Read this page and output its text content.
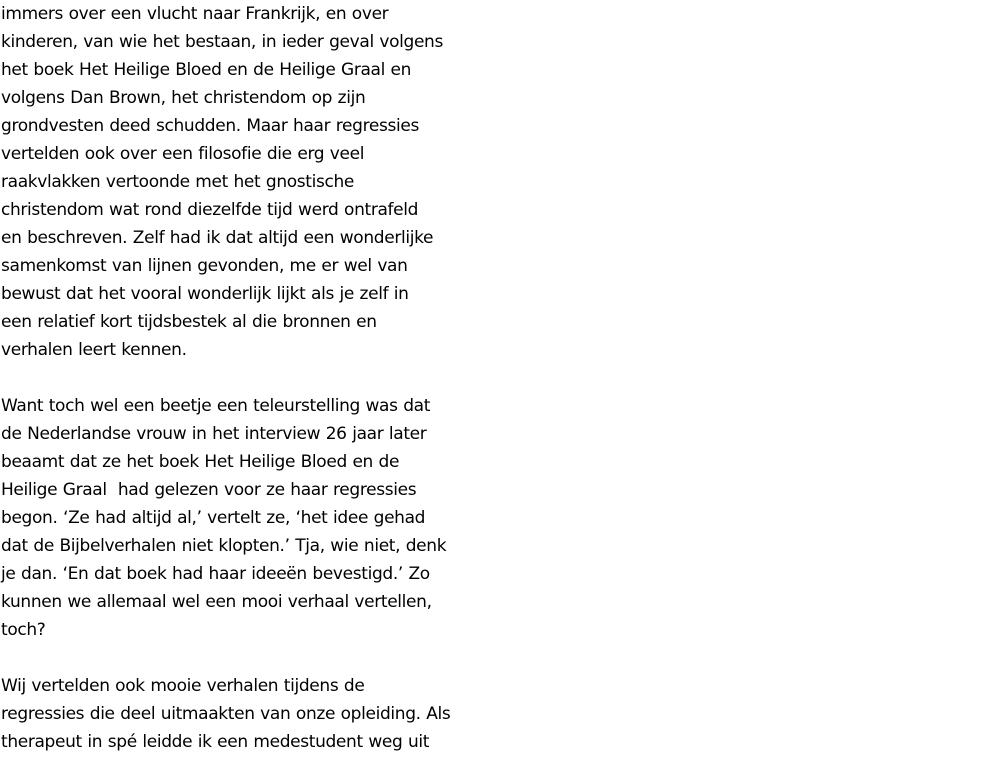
immers over een vlucht naar Frankrijk, en over
kinderen, van wie het bestaan, in ieder geval volgens
het boek Het Heilige Bloed en de Heilige Graal en
volgens Dan Brown, het christendom op zijn
grondvesten deed schudden. Maar haar regressies
vertelden ook over een filosofie die erg veel
raakvlakken vertoonde met het gnostische
christendom wat rond diezelfde tijd werd ontrafeld
en beschreven. Zelf had ik dat altijd een wonderlijke
samenkomst van lijnen gevonden, me er wel van
bewust dat het vooral wonderlijk lijkt als je zelf in
een relatief kort tijdsbestek al die bronnen en
verhalen leert kennen.
Want toch wel een beetje een teleurstelling was dat
de Nederlandse vrouw in het interview 26 jaar later
beaamt dat ze het boek Het Heilige Bloed en de
Heilige Graal  had gelezen voor ze haar regressies
begon. ‘Ze had altijd al,’ vertelt ze, ‘het idee gehad
dat de Bijbelverhalen niet klopten.’ Tja, wie niet, denk
je dan. ‘En dat boek had haar ideeën bevestigd.’ Zo
kunnen we allemaal wel een mooi verhaal vertellen,
toch?
Wij vertelden ook mooie verhalen tijdens de
regressies die deel uitmaakten van onze opleiding. Als
therapeut in spé leidde ik een medestudent weg uit
